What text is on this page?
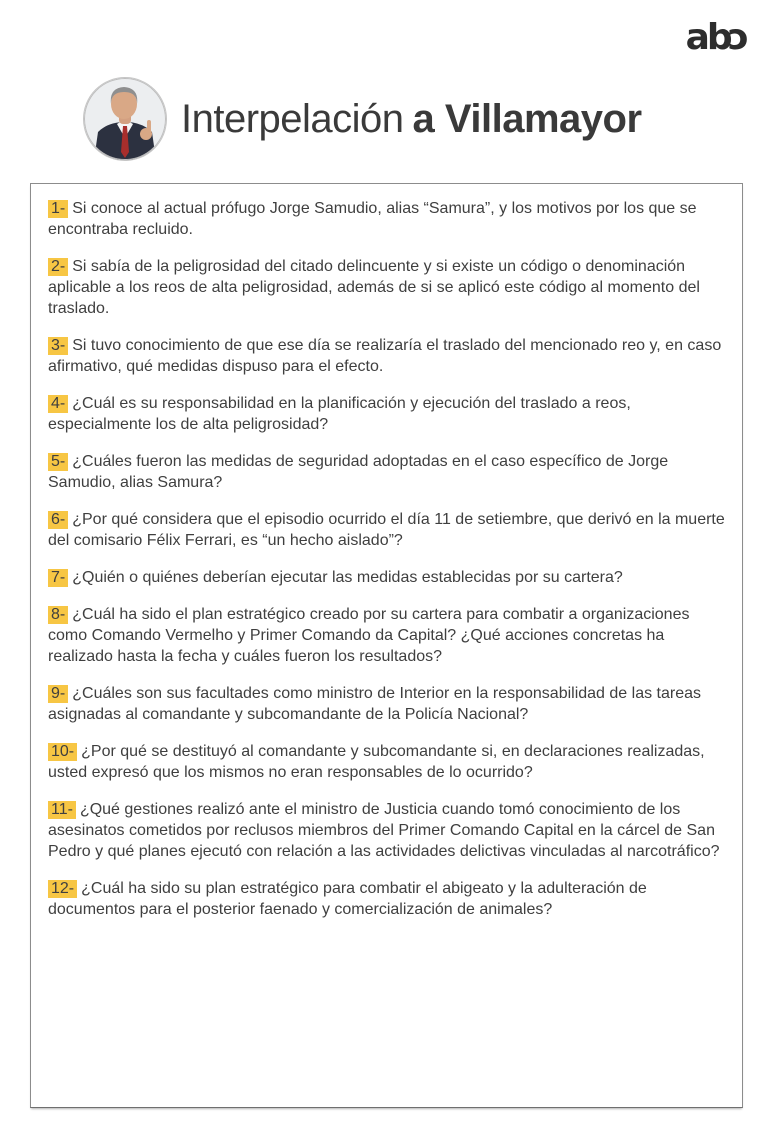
abc
Interpelación a Villamayor

1- Si conoce al actual prófugo Jorge Samudio, alias “Samura”, y los motivos por los que se encontraba recluido.

2- Si sabía de la peligrosidad del citado delincuente y si existe un código o denominación aplicable a los reos de alta peligrosidad, además de si se aplicó este código al momento del traslado.

3- Si tuvo conocimiento de que ese día se realizaría el traslado del mencionado reo y, en caso afirmativo, qué medidas dispuso para el efecto.

4- ¿Cuál es su responsabilidad en la planificación y ejecución del traslado a reos, especialmente los de alta peligrosidad?

5- ¿Cuáles fueron las medidas de seguridad adoptadas en el caso específico de Jorge Samudio, alias Samura?

6- ¿Por qué considera que el episodio ocurrido el día 11 de setiembre, que derivó en la muerte del comisario Félix Ferrari, es “un hecho aislado”?

7- ¿Quién o quiénes deberían ejecutar las medidas establecidas por su cartera?

8- ¿Cuál ha sido el plan estratégico creado por su cartera para combatir a organizaciones como Comando Vermelho y Primer Comando da Capital? ¿Qué acciones concretas ha realizado hasta la fecha y cuáles fueron los resultados?

9- ¿Cuáles son sus facultades como ministro de Interior en la responsabilidad de las tareas asignadas al comandante y subcomandante de la Policía Nacional?

10- ¿Por qué se destituyó al comandante y subcomandante si, en declaraciones realizadas, usted expresó que los mismos no eran responsables de lo ocurrido?

11- ¿Qué gestiones realizó ante el ministro de Justicia cuando tomó conocimiento de los asesinatos cometidos por reclusos miembros del Primer Comando Capital en la cárcel de San Pedro y qué planes ejecutó con relación a las actividades delictivas vinculadas al narcotráfico?

12- ¿Cuál ha sido su plan estratégico para combatir el abigeato y la adulteración de documentos para el posterior faenado y comercialización de animales?
